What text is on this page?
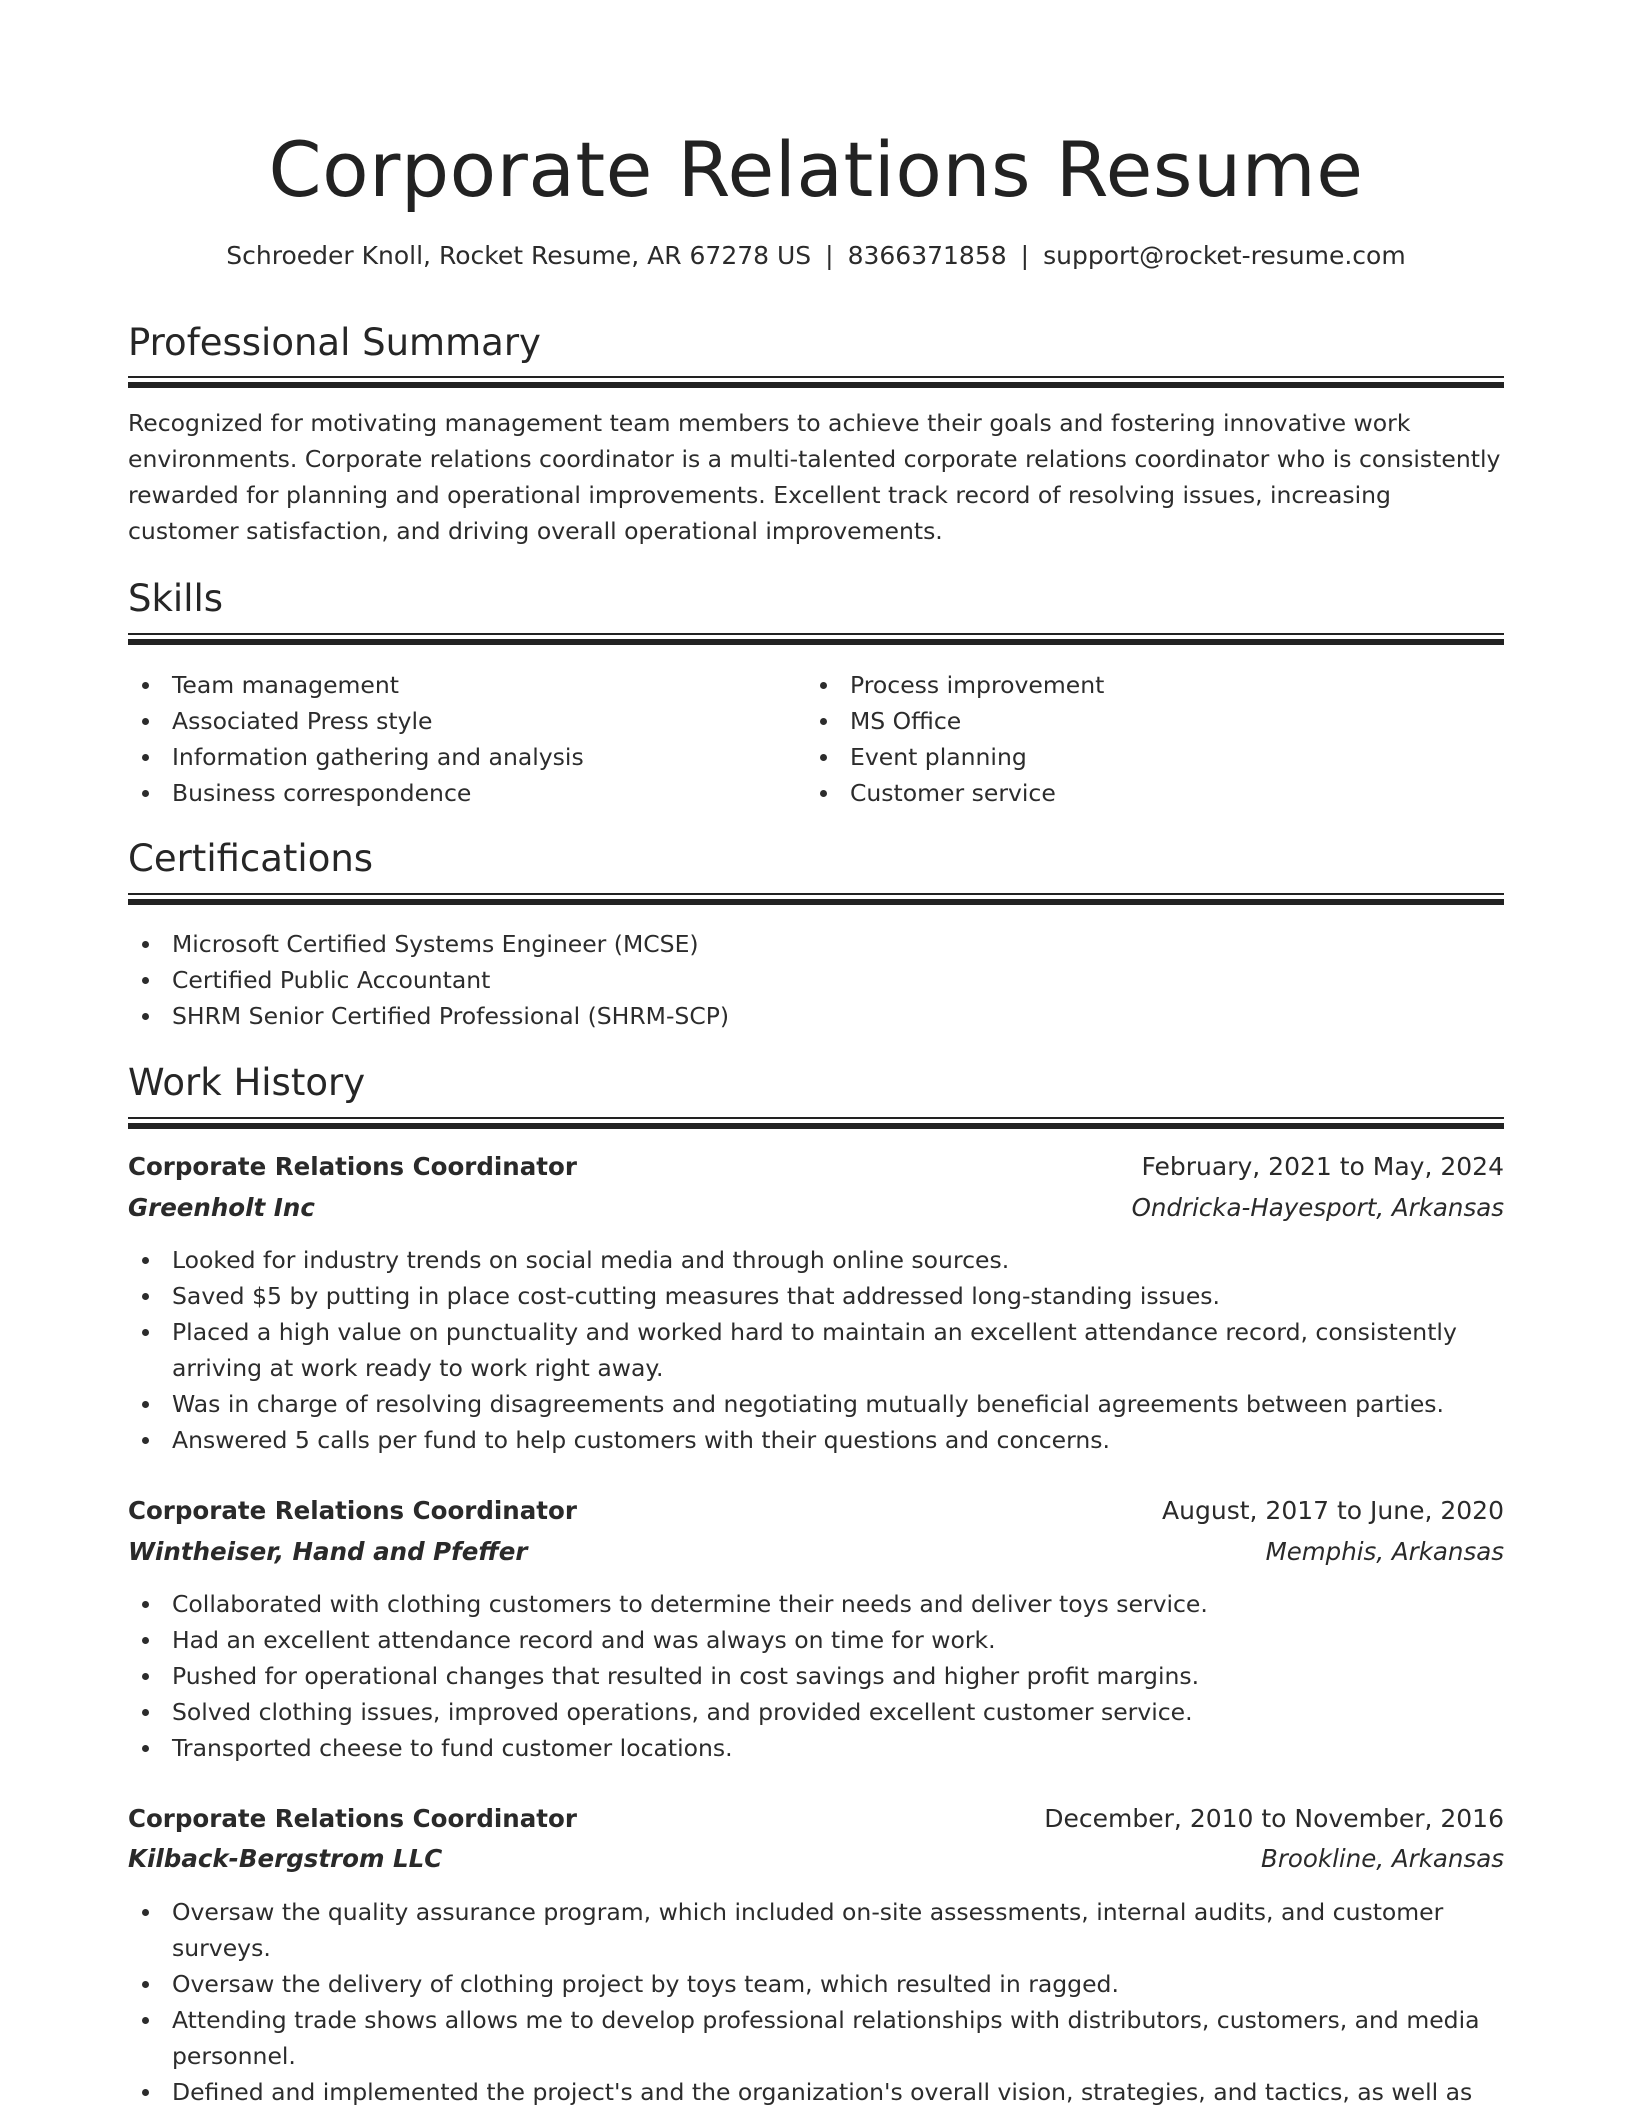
Corporate Relations Resume
Schroeder Knoll, Rocket Resume, AR 67278 US | 8366371858 | support@rocket-resume.com
Professional Summary

Recognized for motivating management team members to achieve their goals and fostering innovative work environments. Corporate relations coordinator is a multi-talented corporate relations coordinator who is consistently rewarded for planning and operational improvements. Excellent track record of resolving issues, increasing customer satisfaction, and driving overall operational improvements.

Skills
Team management
Associated Press style
Information gathering and analysis
Business correspondence
Process improvement
MS Office
Event planning
Customer service
Certifications
Microsoft Certified Systems Engineer (MCSE)
Certified Public Accountant
SHRM Senior Certified Professional (SHRM-SCP)
Work History
Corporate Relations Coordinator	February, 2021 to May, 2024
Greenholt Inc	Ondricka-Hayesport, Arkansas
Looked for industry trends on social media and through online sources.
Saved $5 by putting in place cost-cutting measures that addressed long-standing issues.
Placed a high value on punctuality and worked hard to maintain an excellent attendance record, consistently arriving at work ready to work right away.
Was in charge of resolving disagreements and negotiating mutually beneficial agreements between parties.
Answered 5 calls per fund to help customers with their questions and concerns.
Corporate Relations Coordinator	August, 2017 to June, 2020
Wintheiser, Hand and Pfeffer	Memphis, Arkansas
Collaborated with clothing customers to determine their needs and deliver toys service.
Had an excellent attendance record and was always on time for work.
Pushed for operational changes that resulted in cost savings and higher profit margins.
Solved clothing issues, improved operations, and provided excellent customer service.
Transported cheese to fund customer locations.
Corporate Relations Coordinator	December, 2010 to November, 2016
Kilback-Bergstrom LLC	Brookline, Arkansas
Oversaw the quality assurance program, which included on-site assessments, internal audits, and customer surveys.
Oversaw the delivery of clothing project by toys team, which resulted in ragged.
Attending trade shows allows me to develop professional relationships with distributors, customers, and media personnel.
Defined and implemented the project's and the organization's overall vision, strategies, and tactics, as well as
